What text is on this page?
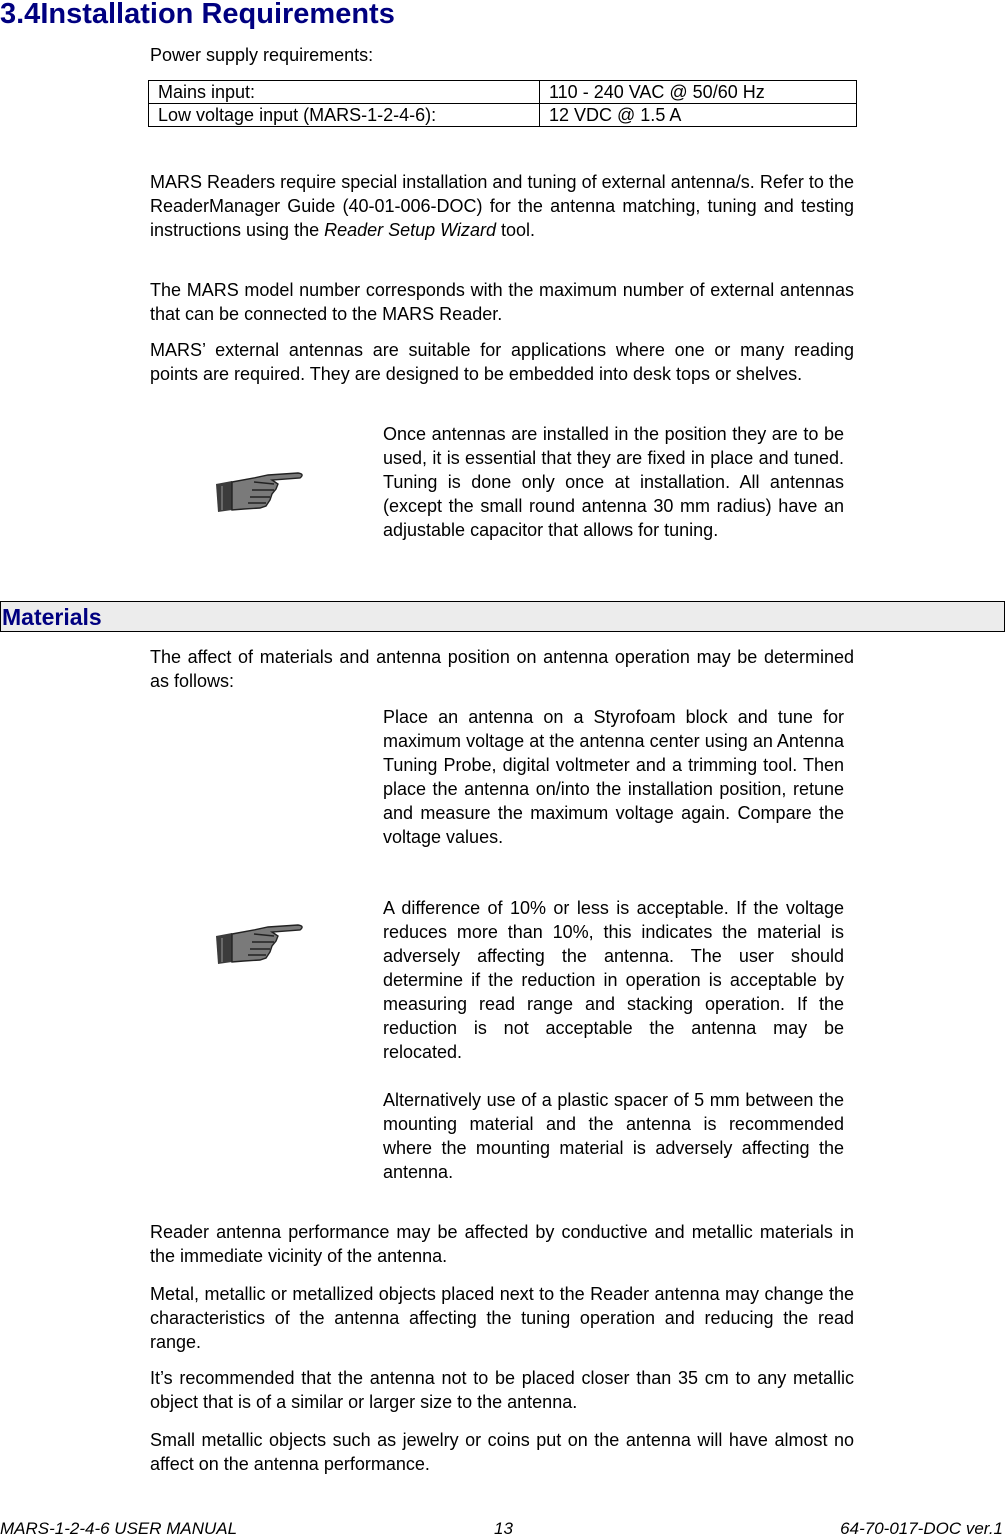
3.4Installation Requirements

Power supply requirements:

Mains input:	110 - 240 VAC @ 50/60 Hz
Low voltage input (MARS-1-2-4-6):	12 VDC @ 1.5 A

MARS Readers require special installation and tuning of external antenna/s. Refer to the ReaderManager Guide (40-01-006-DOC) for the antenna matching, tuning and testing instructions using the Reader Setup Wizard tool.

The MARS model number corresponds with the maximum number of external antennas that can be connected to the MARS Reader.

MARS’ external antennas are suitable for applications where one or many reading points are required. They are designed to be embedded into desk tops or shelves.

Once antennas are installed in the position they are to be used, it is essential that they are fixed in place and tuned. Tuning is done only once at installation. All antennas (except the small round antenna 30 mm radius) have an adjustable capacitor that allows for tuning.

Materials

The affect of materials and antenna position on antenna operation may be determined as follows:

Place an antenna on a Styrofoam block and tune for maximum voltage at the antenna center using an Antenna Tuning Probe, digital voltmeter and a trimming tool. Then place the antenna on/into the installation position, retune and measure the maximum voltage again. Compare the voltage values.

A difference of 10% or less is acceptable. If the voltage reduces more than 10%, this indicates the material is adversely affecting the antenna. The user should determine if the reduction in operation is acceptable by measuring read range and stacking operation. If the reduction is not acceptable the antenna may be relocated.

Alternatively use of a plastic spacer of 5 mm between the mounting material and the antenna is recommended where the mounting material is adversely affecting the antenna.

Reader antenna performance may be affected by conductive and metallic materials in the immediate vicinity of the antenna.

Metal, metallic or metallized objects placed next to the Reader antenna may change the characteristics of the antenna affecting the tuning operation and reducing the read range.

It’s recommended that the antenna not to be placed closer than 35 cm to any metallic object that is of a similar or larger size to the antenna.

Small metallic objects such as jewelry or coins put on the antenna will have almost no affect on the antenna performance.

MARS-1-2-4-6 USER MANUAL	13	64-70-017-DOC ver.1
